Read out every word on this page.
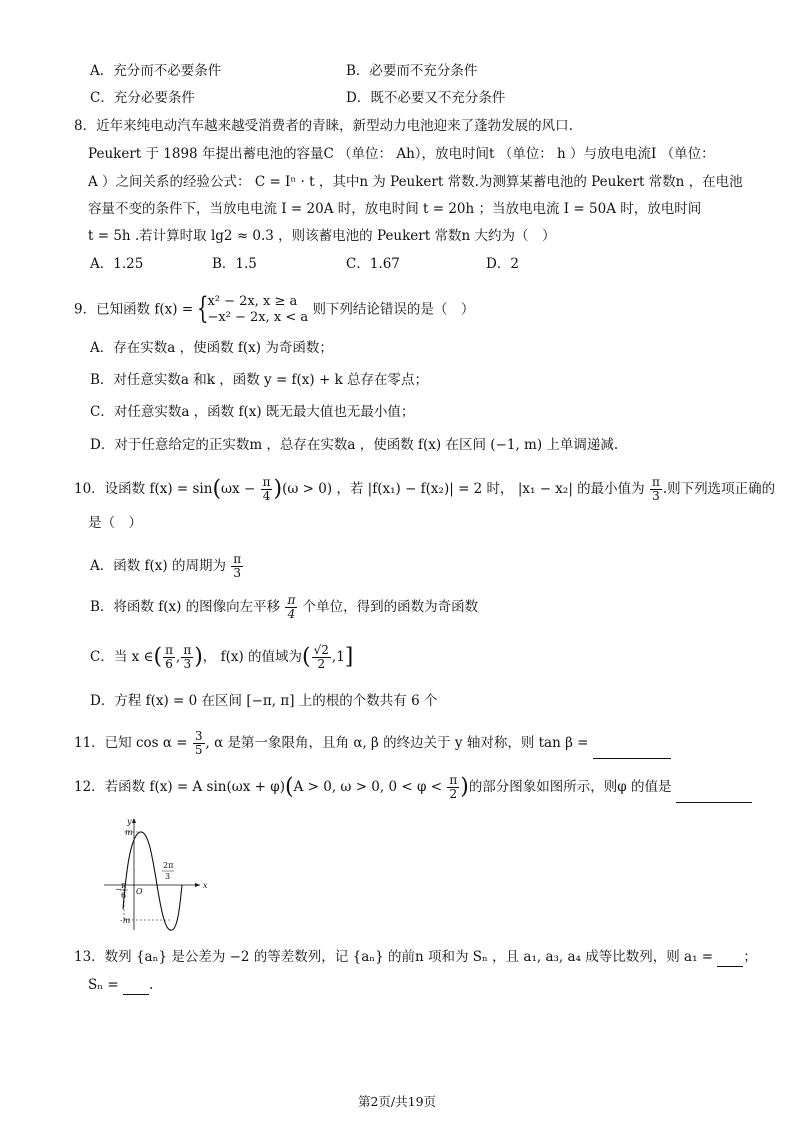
A．充分而不必要条件	B．必要而不充分条件
C．充分必要条件	D．既不必要又不充分条件
8．近年来纯电动汽车越来越受消费者的青睐，新型动力电池迎来了蓬勃发展的风口.
Peukert 于 1898 年提出蓄电池的容量C （单位： Ah），放电时间t （单位： h ）与放电电流I （单位：
A ）之间关系的经验公式： C = Iⁿ · t ，其中n 为 Peukert 常数.为测算某蓄电池的 Peukert 常数n ，在电池
容量不变的条件下，当放电电流 I = 20A 时，放电时间 t = 20h ；当放电电流 I = 50A 时，放电时间
t = 5h .若计算时取 lg2 ≈ 0.3 ，则该蓄电池的 Peukert 常数n 大约为（　）
A．1.25	B．1.5	C．1.67	D．2
9．已知函数 f(x) = {
x² − 2x, x ≥ a
−x² − 2x, x < a 则下列结论错误的是（　）
A．存在实数a ，使函数 f(x) 为奇函数；
B．对任意实数a 和k ，函数 y = f(x) + k 总存在零点；
C．对任意实数a ，函数 f(x) 既无最大值也无最小值；
D．对于任意给定的正实数m ，总存在实数a ，使函数 f(x) 在区间 (−1, m) 上单调递减.
10．设函数 $f(x) = \sin(\omega x - \frac{\pi}{4} )(\omega > 0)$ ，若 |f(x₁) − f(x₂)| = 2 时， |x₁ − x₂| 的最小值为 $\frac{\pi}{3}$ .则下列选项正确的
是（　）
A．函数 f(x) 的周期为 $\frac{\pi}{3}$
B．将函数 f(x) 的图像向左平移 $\frac{\pi}{4}$ 个单位，得到的函数为奇函数
C．当 x ∈( $\frac{\pi}{6}$ , $\frac{\pi}{3}$ )， f(x) 的值域为( $\frac{√2}{2} ,1$]
D．方程 f(x) = 0 在区间 [−π, π] 上的根的个数共有 6 个
11．已知 $\cos \alpha = \frac{3}{5}$ , α 是第一象限角，且角 α, β 的终边关于 y 轴对称，则 tan β =
12．若函数 f(x) = A sin(ωx + φ)(A > 0, ω > 0, $0 < \varphi < \frac{\pi}{2}$ )的部分图象如图所示，则φ 的值是
y
x
m
-m
O
− π
6
2π
3
13．数列 {aₙ} 是公差为 −2 的等差数列，记 {aₙ} 的前n 项和为 Sₙ ，且 a₁, a₃, a₄ 成等比数列，则 a₁ = ；
Sₙ = .
第2页/共19页
